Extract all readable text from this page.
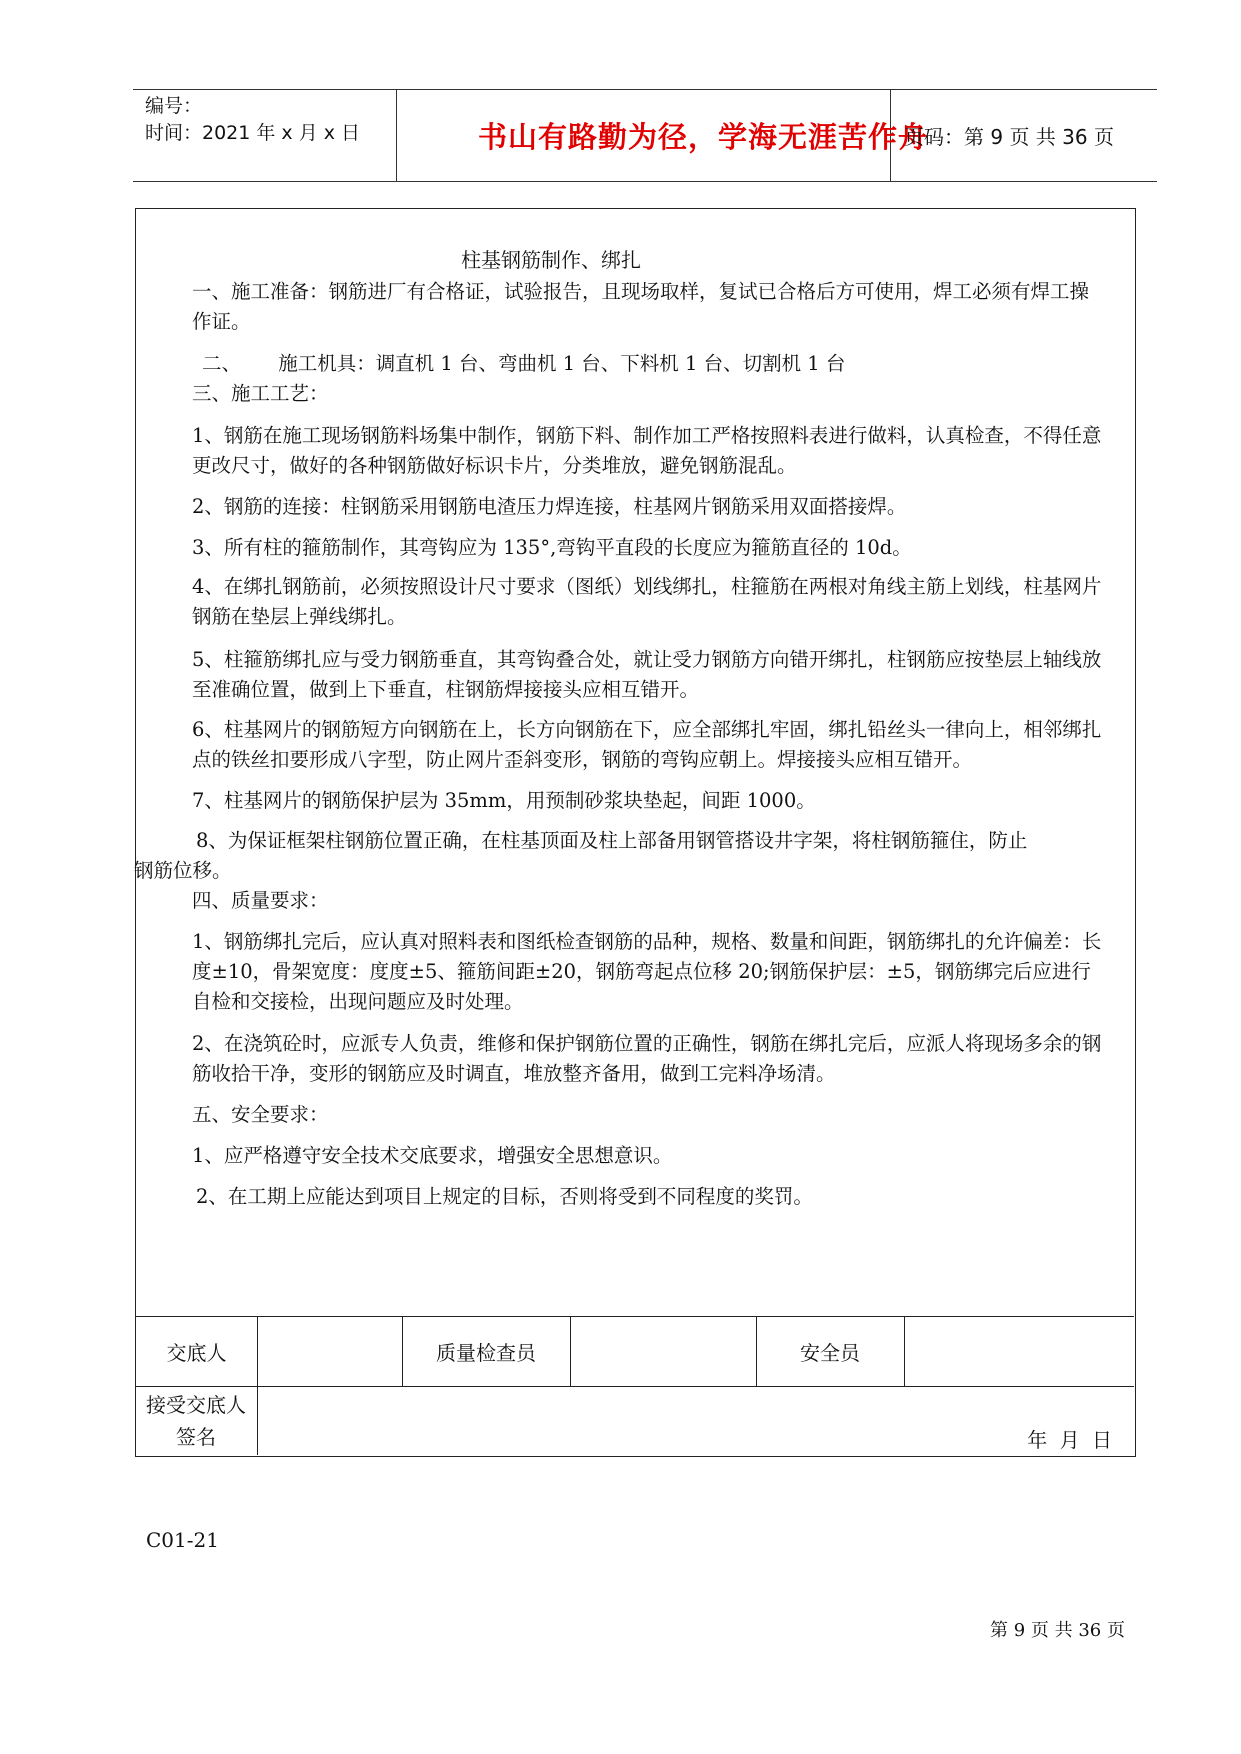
编号：
时间：2021 年 x 月 x 日	书山有路勤为径，学海无涯苦作舟
页码：第 9 页 共 36 页
柱基钢筋制作、绑扎
一、施工准备：钢筋进厂有合格证，试验报告，且现场取样，复试已合格后方可使用，焊工必须有焊工操作证。
二、      施工机具：调直机 1 台、弯曲机 1 台、下料机 1 台、切割机 1 台
三、施工工艺：
1、钢筋在施工现场钢筋料场集中制作，钢筋下料、制作加工严格按照料表进行做料，认真检查，不得任意更改尺寸，做好的各种钢筋做好标识卡片，分类堆放，避免钢筋混乱。
2、钢筋的连接：柱钢筋采用钢筋电渣压力焊连接，柱基网片钢筋采用双面搭接焊。
3、所有柱的箍筋制作，其弯钩应为 135°,弯钩平直段的长度应为箍筋直径的 10d。
4、在绑扎钢筋前，必须按照设计尺寸要求（图纸）划线绑扎，柱箍筋在两根对角线主筋上划线，柱基网片钢筋在垫层上弹线绑扎。
5、柱箍筋绑扎应与受力钢筋垂直，其弯钩叠合处，就让受力钢筋方向错开绑扎，柱钢筋应按垫层上轴线放至准确位置，做到上下垂直，柱钢筋焊接接头应相互错开。
6、柱基网片的钢筋短方向钢筋在上，长方向钢筋在下，应全部绑扎牢固，绑扎铅丝头一律向上，相邻绑扎点的铁丝扣要形成八字型，防止网片歪斜变形，钢筋的弯钩应朝上。焊接接头应相互错开。
7、柱基网片的钢筋保护层为 35mm，用预制砂浆块垫起，间距 1000。
8、为保证框架柱钢筋位置正确，在柱基顶面及柱上部备用钢管搭设井字架，将柱钢筋箍住，防止
钢筋位移。
四、质量要求：
1、钢筋绑扎完后，应认真对照料表和图纸检查钢筋的品种，规格、数量和间距，钢筋绑扎的允许偏差：长度±10，骨架宽度：度度±5、箍筋间距±20，钢筋弯起点位移 20;钢筋保护层：±5，钢筋绑完后应进行自检和交接检，出现问题应及时处理。
2、在浇筑砼时，应派专人负责，维修和保护钢筋位置的正确性，钢筋在绑扎完后，应派人将现场多余的钢筋收拾干净，变形的钢筋应及时调直，堆放整齐备用，做到工完料净场清。
五、安全要求：
1、应严格遵守安全技术交底要求，增强安全思想意识。
2、在工期上应能达到项目上规定的目标，否则将受到不同程度的奖罚。
交底人	质量检查员	安全员
接受交底人签名	年 月 日
C01-21
第 9 页 共 36 页
